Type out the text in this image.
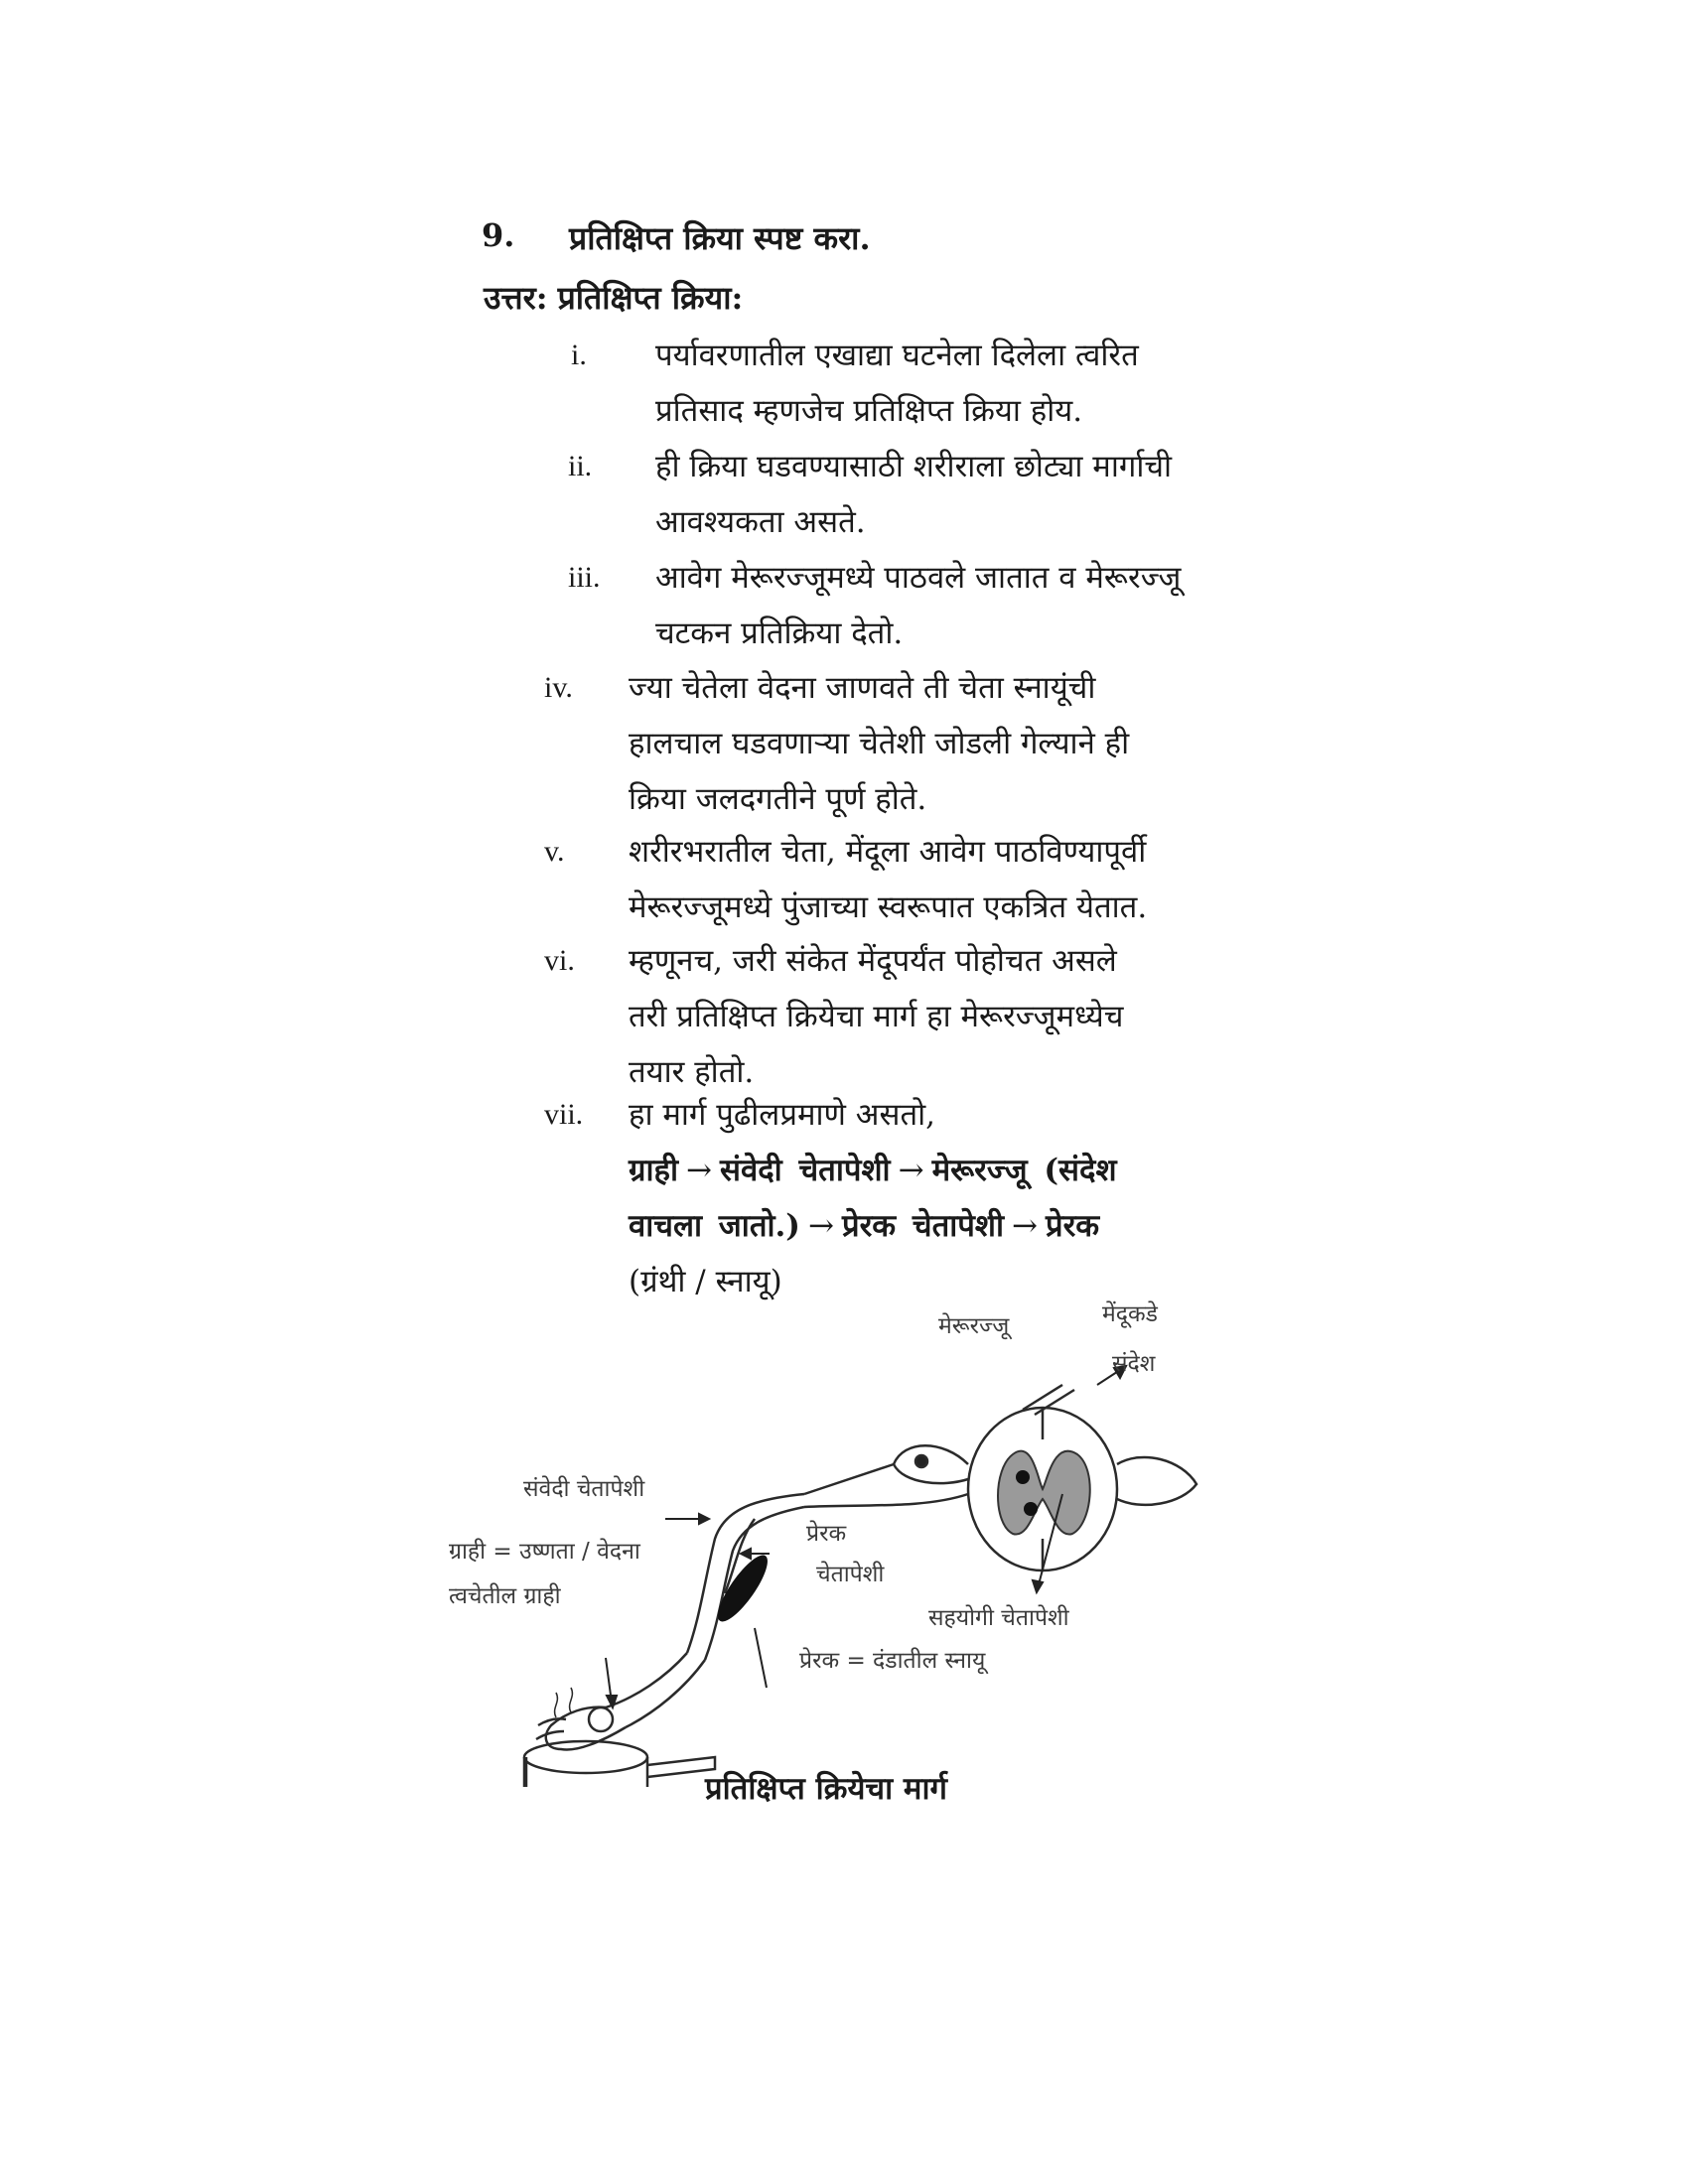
9. प्रतिक्षिप्त क्रिया स्पष्ट करा.
उत्तर: प्रतिक्षिप्त क्रिया:
i. पर्यावरणातील एखाद्या घटनेला दिलेला त्वरित
प्रतिसाद म्हणजेच प्रतिक्षिप्त क्रिया होय.
ii. ही क्रिया घडवण्यासाठी शरीराला छोट्या मार्गाची
आवश्यकता असते.
iii. आवेग मेरूरज्जूमध्ये पाठवले जातात व मेरूरज्जू
चटकन प्रतिक्रिया देतो.
iv. ज्या चेतेला वेदना जाणवते ती चेता स्नायूंची
हालचाल घडवणाऱ्या चेतेशी जोडली गेल्याने ही
क्रिया जलदगतीने पूर्ण होते.
v. शरीरभरातील चेता, मेंदूला आवेग पाठविण्यापूर्वी
मेरूरज्जूमध्ये पुंजाच्या स्वरूपात एकत्रित येतात.
vi. म्हणूनच, जरी संकेत मेंदूपर्यंत पोहोचत असले
तरी प्रतिक्षिप्त क्रियेचा मार्ग हा मेरूरज्जूमध्येच
तयार होतो.
vii. हा मार्ग पुढीलप्रमाणे असतो,
ग्राही → संवेदी चेतापेशी → मेरूरज्जू (संदेश
वाचला जातो.) → प्रेरक चेतापेशी → प्रेरक
(ग्रंथी / स्नायू)
मेरूरज्जू	मेंदूकडे
संदेश
संवेदी चेतापेशी
प्रेरक
चेतापेशी
ग्राही = उष्णता / वेदना
त्वचेतील ग्राही
सहयोगी चेतापेशी
प्रेरक = दंडातील स्नायू
प्रतिक्षिप्त क्रियेचा मार्ग
